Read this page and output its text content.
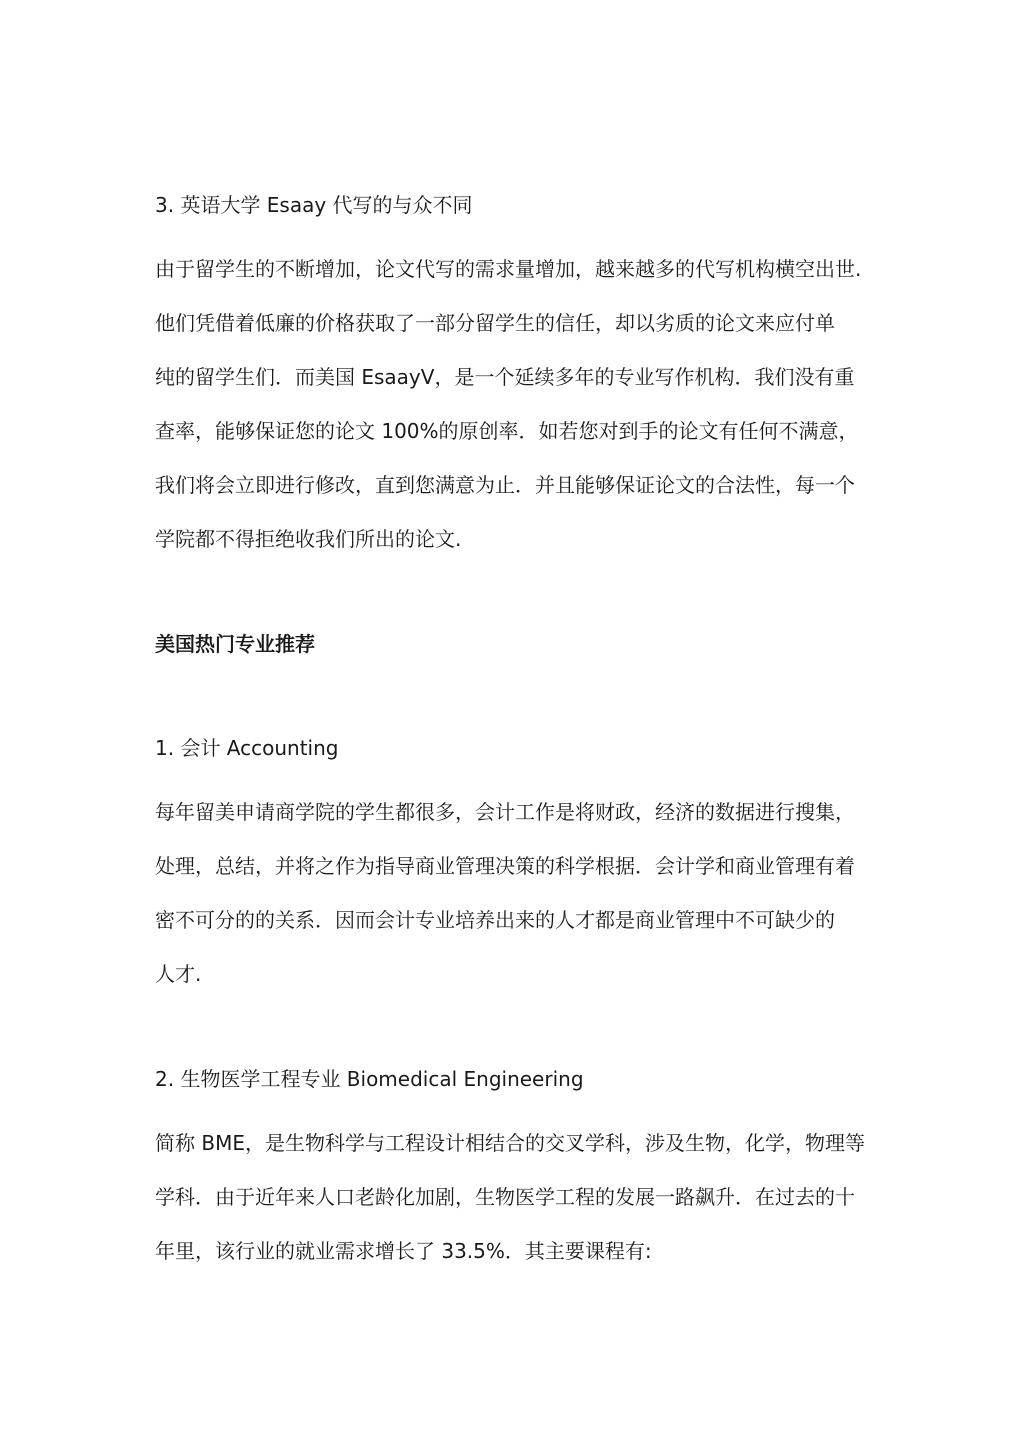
3. 英语大学 Esaay 代写的与众不同

由于留学生的不断增加，论文代写的需求量增加，越来越多的代写机构横空出世.

他们凭借着低廉的价格获取了一部分留学生的信任，却以劣质的论文来应付单

纯的留学生们．而美国 EsaayV，是一个延续多年的专业写作机构．我们没有重

查率，能够保证您的论文 100%的原创率．如若您对到手的论文有任何不满意，

我们将会立即进行修改，直到您满意为止．并且能够保证论文的合法性，每一个

学院都不得拒绝收我们所出的论文.

美国热门专业推荐

1. 会计 Accounting

每年留美申请商学院的学生都很多，会计工作是将财政，经济的数据进行搜集，

处理，总结，并将之作为指导商业管理决策的科学根据．会计学和商业管理有着

密不可分的的关系．因而会计专业培养出来的人才都是商业管理中不可缺少的

人才.

2. 生物医学工程专业 Biomedical Engineering

简称 BME，是生物科学与工程设计相结合的交叉学科，涉及生物，化学，物理等

学科．由于近年来人口老龄化加剧，生物医学工程的发展一路飙升．在过去的十

年里，该行业的就业需求增长了 33.5%．其主要课程有:
